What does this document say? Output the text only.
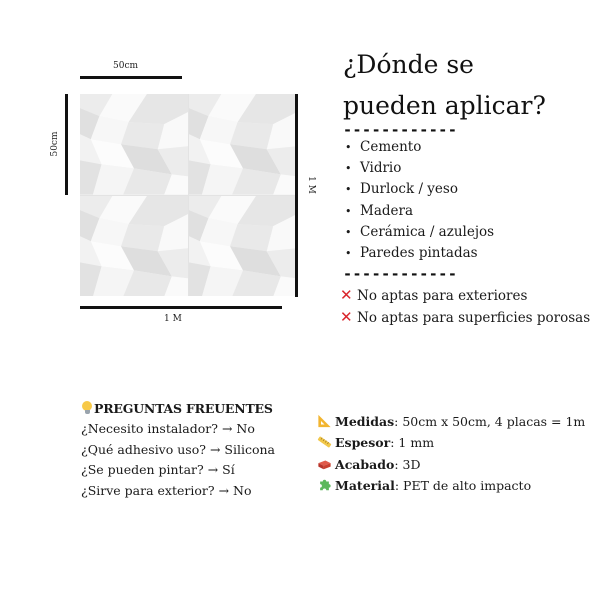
50cm
50cm
1 M
1 M
¿Dónde se
pueden aplicar?
------------
• Cemento
• Vidrio
• Durlock / yeso
• Madera
• Cerámica / azulejos
• Paredes pintadas
------------
✕ No aptas para exteriores
✕ No aptas para superficies porosas
PREGUNTAS FREUENTES
¿Necesito instalador? → No
¿Qué adhesivo uso? → Silicona
¿Se pueden pintar? → Sí
¿Sirve para exterior? → No
Medidas: 50cm x 50cm, 4 placas = 1m
Espesor: 1 mm
Acabado: 3D
Material: PET de alto impacto
